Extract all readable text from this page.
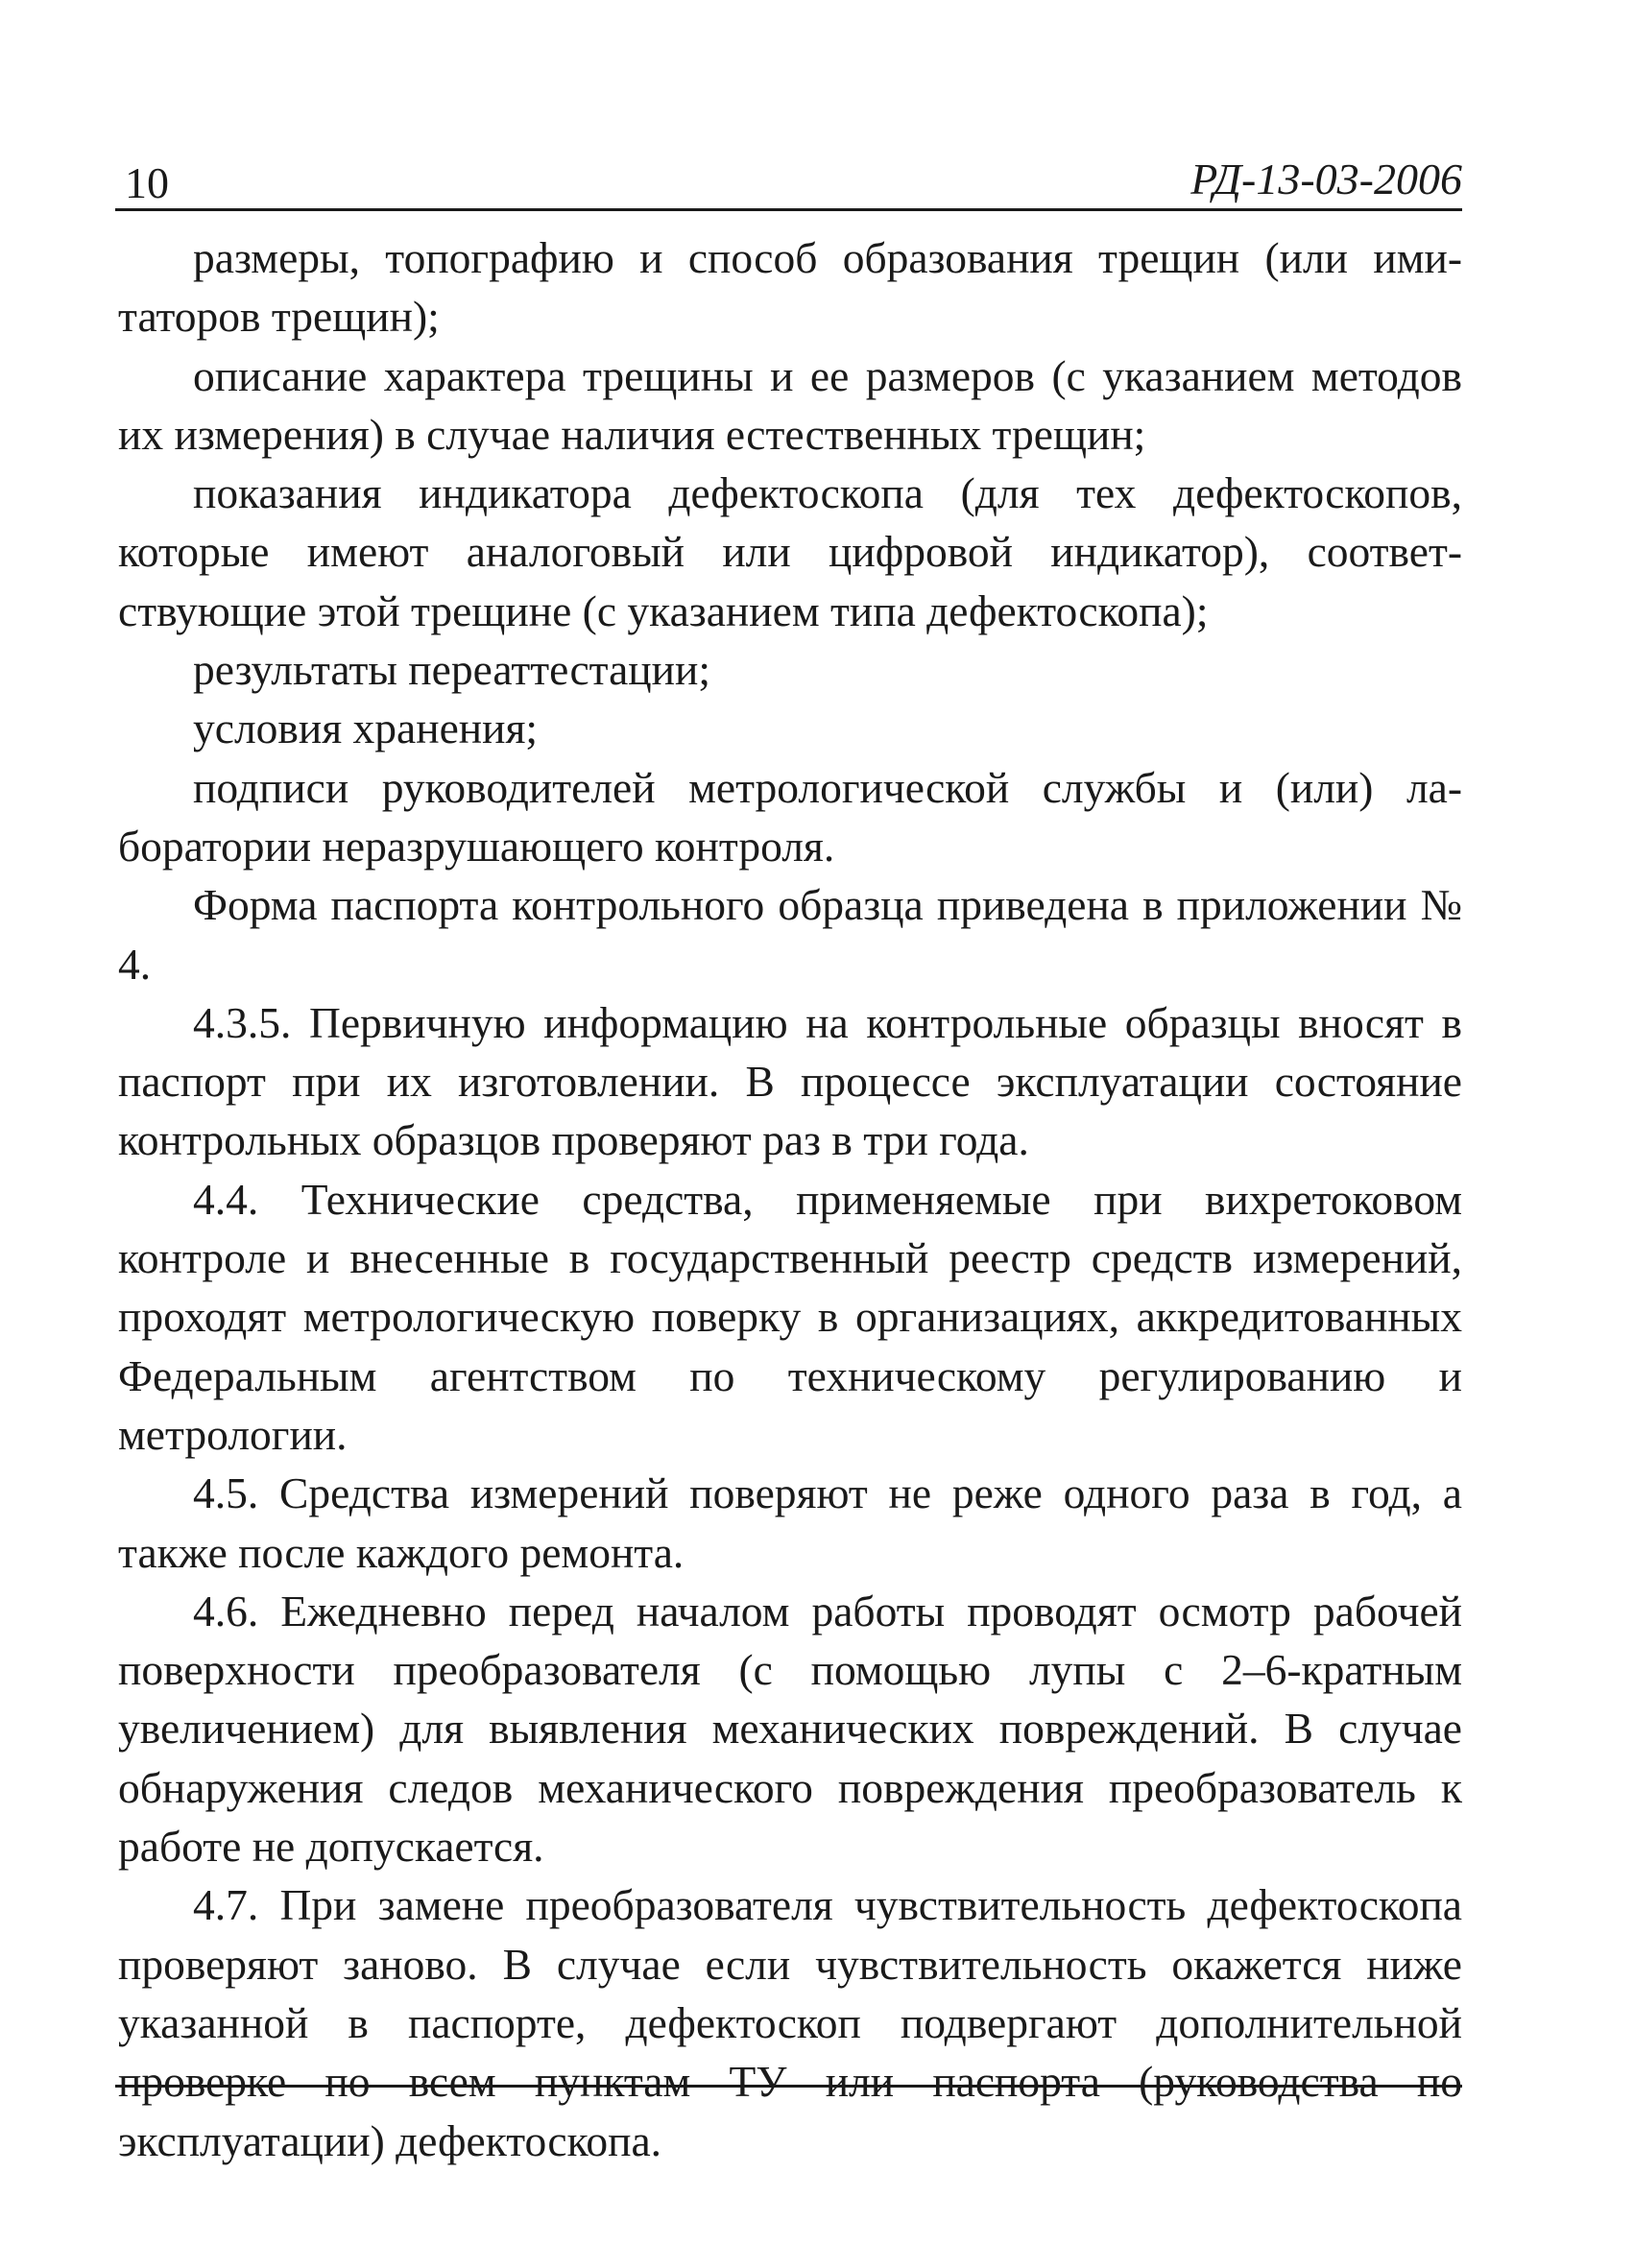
10	РД-13-03-2006

размеры, топографию и способ образования трещин (или имитаторов трещин);

описание характера трещины и ее размеров (с указанием методов их измерения) в случае наличия естественных трещин;

показания индикатора дефектоскопа (для тех дефектоскопов, которые имеют аналоговый или цифровой индикатор), соответствующие этой трещине (с указанием типа дефектоскопа);

результаты переаттестации;

условия хранения;

подписи руководителей метрологической службы и (или) лаборатории неразрушающего контроля.

Форма паспорта контрольного образца приведена в приложении № 4.

4.3.5. Первичную информацию на контрольные образцы вносят в паспорт при их изготовлении. В процессе эксплуатации состояние контрольных образцов проверяют раз в три года.

4.4. Технические средства, применяемые при вихретоковом контроле и внесенные в государственный реестр средств измерений, проходят метрологическую поверку в организациях, аккредитованных Федеральным агентством по техническому регулированию и метрологии.

4.5. Средства измерений поверяют не реже одного раза в год, а также после каждого ремонта.

4.6. Ежедневно перед началом работы проводят осмотр рабочей поверхности преобразователя (с помощью лупы с 2–6-кратным увеличением) для выявления механических повреждений. В случае обнаружения следов механического повреждения преобразователь к работе не допускается.

4.7. При замене преобразователя чувствительность дефектоскопа проверяют заново. В случае если чувствительность окажется ниже указанной в паспорте, дефектоскоп подвергают дополнительной проверке по всем пунктам ТУ или паспорта (руководства по эксплуатации) дефектоскопа.
